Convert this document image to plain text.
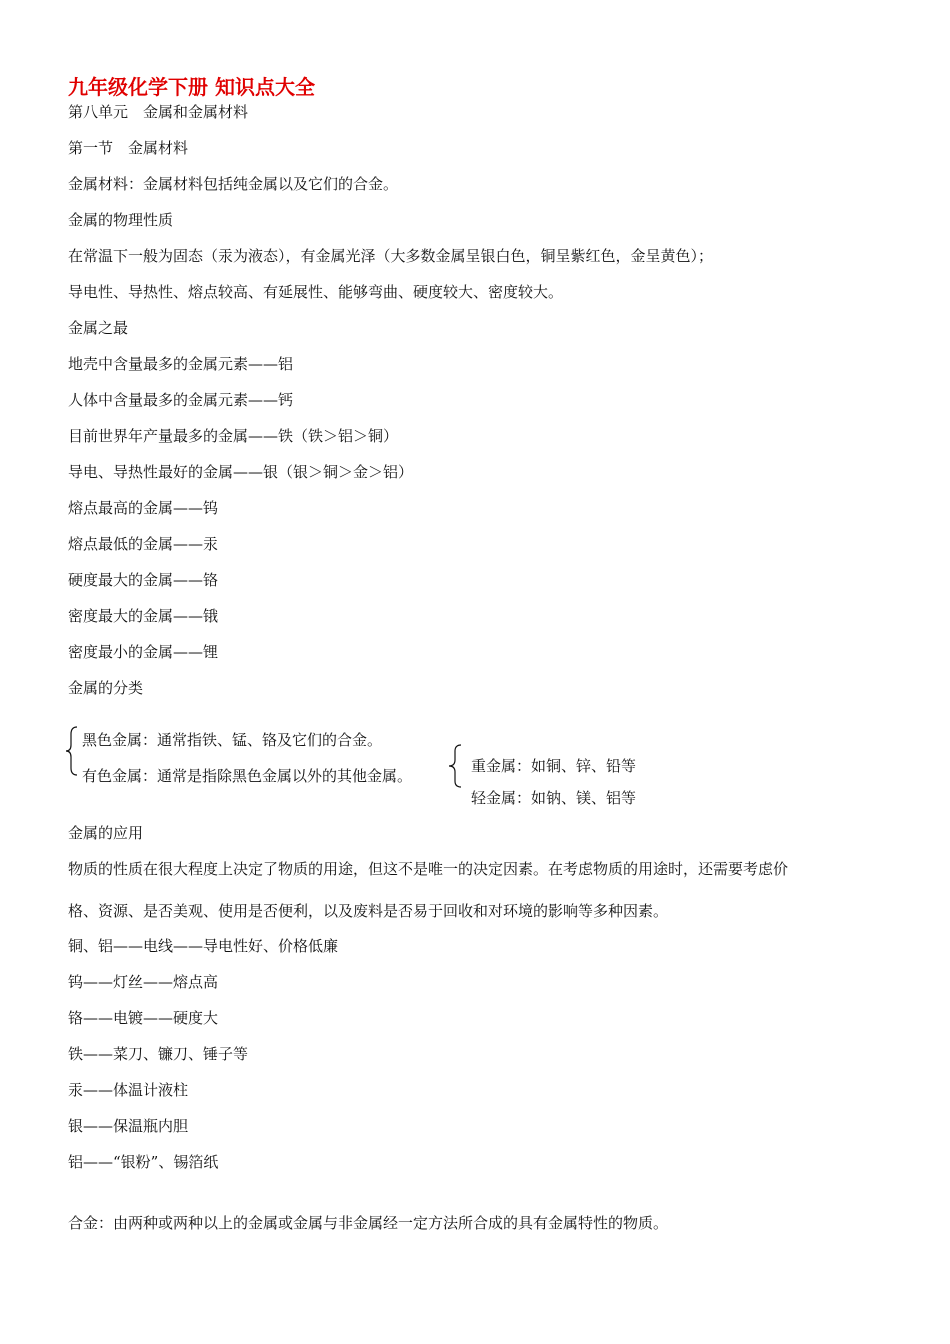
九年级化学下册 知识点大全

第八单元　金属和金属材料

第一节　金属材料

金属材料：金属材料包括纯金属以及它们的合金。

金属的物理性质

在常温下一般为固态（汞为液态），有金属光泽（大多数金属呈银白色，铜呈紫红色，金呈黄色）；

导电性、导热性、熔点较高、有延展性、能够弯曲、硬度较大、密度较大。

金属之最

地壳中含量最多的金属元素——铝

人体中含量最多的金属元素——钙

目前世界年产量最多的金属——铁（铁＞铝＞铜）

导电、导热性最好的金属——银（银＞铜＞金＞铝）

熔点最高的金属——钨

熔点最低的金属——汞

硬度最大的金属——铬

密度最大的金属——锇

密度最小的金属——锂

金属的分类

黑色金属：通常指铁、锰、铬及它们的合金。

有色金属：通常是指除黑色金属以外的其他金属。

重金属：如铜、锌、铅等

轻金属：如钠、镁、铝等

金属的应用

物质的性质在很大程度上决定了物质的用途，但这不是唯一的决定因素。在考虑物质的用途时，还需要考虑价

格、资源、是否美观、使用是否便利，以及废料是否易于回收和对环境的影响等多种因素。

铜、铝——电线——导电性好、价格低廉

钨——灯丝——熔点高

铬——电镀——硬度大

铁——菜刀、镰刀、锤子等

汞——体温计液柱

银——保温瓶内胆

铝——“银粉”、锡箔纸

合金：由两种或两种以上的金属或金属与非金属经一定方法所合成的具有金属特性的物质。
